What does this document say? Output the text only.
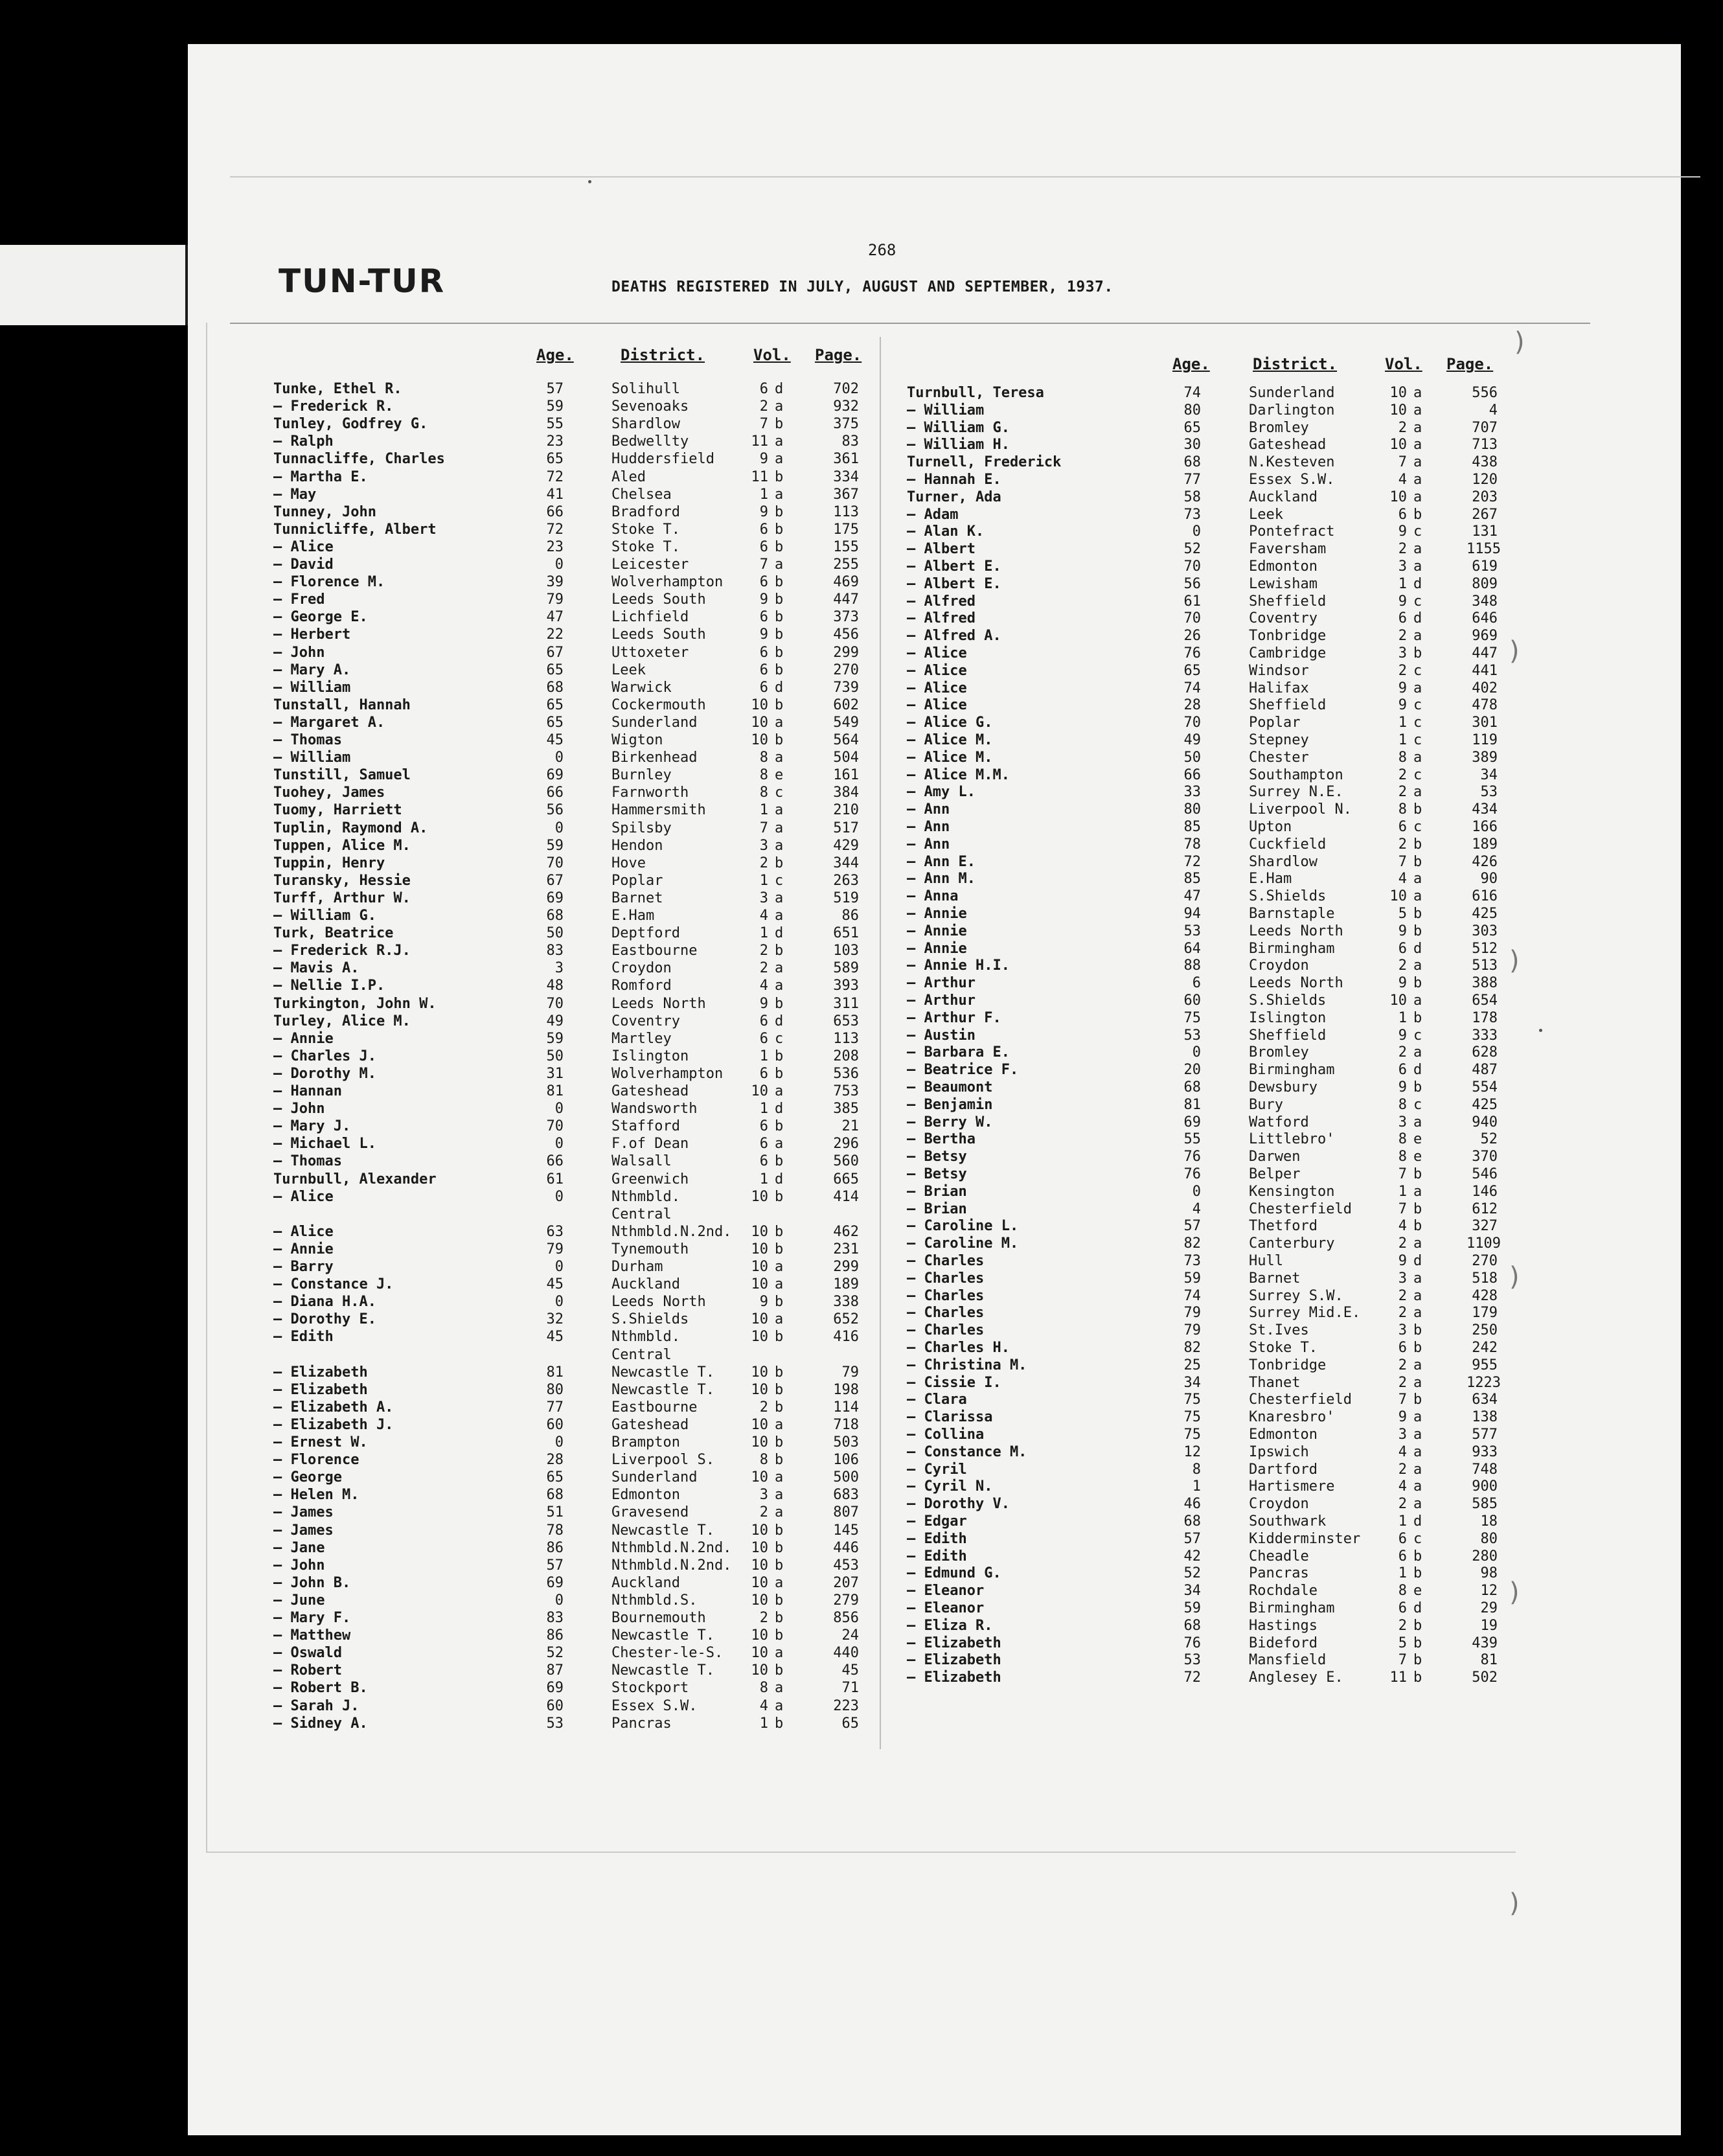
TUN-TUR
268
DEATHS REGISTERED IN JULY, AUGUST AND SEPTEMBER, 1937.
Age.	District.	Vol. Page.	Age.	District.	Vol. Page.
Tunke, Ethel R.	57	Solihull	6 d	702
— Frederick R.	59	Sevenoaks	2 a	932
Tunley, Godfrey G.	55	Shardlow	7 b	375
— Ralph	23	Bedwellty	11 a	83
Tunnacliffe, Charles	65	Huddersfield	9 a	361
— Martha E.	72	Aled	11 b	334
— May	41	Chelsea	1 a	367
Tunney, John	66	Bradford	9 b	113
Tunnicliffe, Albert	72	Stoke T.	6 b	175
— Alice	23	Stoke T.	6 b	155
— David	0	Leicester	7 a	255
— Florence M.	39	Wolverhampton	6 b	469
— Fred	79	Leeds South	9 b	447
— George E.	47	Lichfield	6 b	373
— Herbert	22	Leeds South	9 b	456
— John	67	Uttoxeter	6 b	299
— Mary A.	65	Leek	6 b	270
— William	68	Warwick	6 d	739
Tunstall, Hannah	65	Cockermouth	10 b	602
— Margaret A.	65	Sunderland	10 a	549
— Thomas	45	Wigton	10 b	564
— William	0	Birkenhead	8 a	504
Tunstill, Samuel	69	Burnley	8 e	161
Tuohey, James	66	Farnworth	8 c	384
Tuomy, Harriett	56	Hammersmith	1 a	210
Tuplin, Raymond A.	0	Spilsby	7 a	517
Tuppen, Alice M.	59	Hendon	3 a	429
Tuppin, Henry	70	Hove	2 b	344
Turansky, Hessie	67	Poplar	1 c	263
Turff, Arthur W.	69	Barnet	3 a	519
— William G.	68	E.Ham	4 a	86
Turk, Beatrice	50	Deptford	1 d	651
— Frederick R.J.	83	Eastbourne	2 b	103
— Mavis A.	3	Croydon	2 a	589
— Nellie I.P.	48	Romford	4 a	393
Turkington, John W.	70	Leeds North	9 b	311
Turley, Alice M.	49	Coventry	6 d	653
— Annie	59	Martley	6 c	113
— Charles J.	50	Islington	1 b	208
— Dorothy M.	31	Wolverhampton	6 b	536
— Hannan	81	Gateshead	10 a	753
— John	0	Wandsworth	1 d	385
— Mary J.	70	Stafford	6 b	21
— Michael L.	0	F.of Dean	6 a	296
— Thomas	66	Walsall	6 b	560
Turnbull, Alexander	61	Greenwich	1 d	665
— Alice	0	Nthmbld.	10 b	414
Central
— Alice	63	Nthmbld.N.2nd.	10 b	462
— Annie	79	Tynemouth	10 b	231
— Barry	0	Durham	10 a	299
— Constance J.	45	Auckland	10 a	189
— Diana H.A.	0	Leeds North	9 b	338
— Dorothy E.	32	S.Shields	10 a	652
— Edith	45	Nthmbld.	10 b	416
Central
— Elizabeth	81	Newcastle T.	10 b	79
— Elizabeth	80	Newcastle T.	10 b	198
— Elizabeth A.	77	Eastbourne	2 b	114
— Elizabeth J.	60	Gateshead	10 a	718
— Ernest W.	0	Brampton	10 b	503
— Florence	28	Liverpool S.	8 b	106
— George	65	Sunderland	10 a	500
— Helen M.	68	Edmonton	3 a	683
— James	51	Gravesend	2 a	807
— James	78	Newcastle T.	10 b	145
— Jane	86	Nthmbld.N.2nd.	10 b	446
— John	57	Nthmbld.N.2nd.	10 b	453
— John B.	69	Auckland	10 a	207
— June	0	Nthmbld.S.	10 b	279
— Mary F.	83	Bournemouth	2 b	856
— Matthew	86	Newcastle T.	10 b	24
— Oswald	52	Chester-le-S.	10 a	440
— Robert	87	Newcastle T.	10 b	45
— Robert B.	69	Stockport	8 a	71
— Sarah J.	60	Essex S.W.	4 a	223
— Sidney A.	53	Pancras	1 b	65
Turnbull, Teresa	74	Sunderland	10 a	556
— William	80	Darlington	10 a	4
— William G.	65	Bromley	2 a	707
— William H.	30	Gateshead	10 a	713
Turnell, Frederick	68	N.Kesteven	7 a	438
— Hannah E.	77	Essex S.W.	4 a	120
Turner, Ada	58	Auckland	10 a	203
— Adam	73	Leek	6 b	267
— Alan K.	0	Pontefract	9 c	131
— Albert	52	Faversham	2 a	1155
— Albert E.	70	Edmonton	3 a	619
— Albert E.	56	Lewisham	1 d	809
— Alfred	61	Sheffield	9 c	348
— Alfred	70	Coventry	6 d	646
— Alfred A.	26	Tonbridge	2 a	969
— Alice	76	Cambridge	3 b	447
— Alice	65	Windsor	2 c	441
— Alice	74	Halifax	9 a	402
— Alice	28	Sheffield	9 c	478
— Alice G.	70	Poplar	1 c	301
— Alice M.	49	Stepney	1 c	119
— Alice M.	50	Chester	8 a	389
— Alice M.M.	66	Southampton	2 c	34
— Amy L.	33	Surrey N.E.	2 a	53
— Ann	80	Liverpool N.	8 b	434
— Ann	85	Upton	6 c	166
— Ann	78	Cuckfield	2 b	189
— Ann E.	72	Shardlow	7 b	426
— Ann M.	85	E.Ham	4 a	90
— Anna	47	S.Shields	10 a	616
— Annie	94	Barnstaple	5 b	425
— Annie	53	Leeds North	9 b	303
— Annie	64	Birmingham	6 d	512
— Annie H.I.	88	Croydon	2 a	513
— Arthur	6	Leeds North	9 b	388
— Arthur	60	S.Shields	10 a	654
— Arthur F.	75	Islington	1 b	178
— Austin	53	Sheffield	9 c	333
— Barbara E.	0	Bromley	2 a	628
— Beatrice F.	20	Birmingham	6 d	487
— Beaumont	68	Dewsbury	9 b	554
— Benjamin	81	Bury	8 c	425
— Berry W.	69	Watford	3 a	940
— Bertha	55	Littlebro'	8 e	52
— Betsy	76	Darwen	8 e	370
— Betsy	76	Belper	7 b	546
— Brian	0	Kensington	1 a	146
— Brian	4	Chesterfield	7 b	612
— Caroline L.	57	Thetford	4 b	327
— Caroline M.	82	Canterbury	2 a	1109
— Charles	73	Hull	9 d	270
— Charles	59	Barnet	3 a	518
— Charles	74	Surrey S.W.	2 a	428
— Charles	79	Surrey Mid.E.	2 a	179
— Charles	79	St.Ives	3 b	250
— Charles H.	82	Stoke T.	6 b	242
— Christina M.	25	Tonbridge	2 a	955
— Cissie I.	34	Thanet	2 a	1223
— Clara	75	Chesterfield	7 b	634
— Clarissa	75	Knaresbro'	9 a	138
— Collina	75	Edmonton	3 a	577
— Constance M.	12	Ipswich	4 a	933
— Cyril	8	Dartford	2 a	748
— Cyril N.	1	Hartismere	4 a	900
— Dorothy V.	46	Croydon	2 a	585
— Edgar	68	Southwark	1 d	18
— Edith	57	Kidderminster	6 c	80
— Edith	42	Cheadle	6 b	280
— Edmund G.	52	Pancras	1 b	98
— Eleanor	34	Rochdale	8 e	12
— Eleanor	59	Birmingham	6 d	29
— Eliza R.	68	Hastings	2 b	19
— Elizabeth	76	Bideford	5 b	439
— Elizabeth	53	Mansfield	7 b	81
— Elizabeth	72	Anglesey E.	11 b	502
)
)
)
)
)
)
